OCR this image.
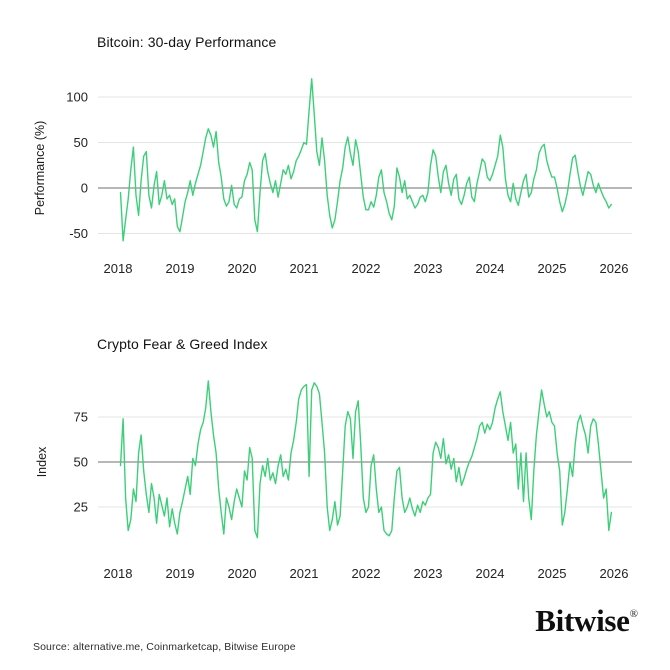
Bitcoin: 30-day Performance
Performance (%)
100
50
0
-50
2018	2019	2020	2021	2022	2023	2024	2025	2026
Crypto Fear & Greed Index
Index
75
50
25
2018	2019	2020	2021	2022	2023	2024	2025	2026
Source: alternative.me, Coinmarketcap, Bitwise Europe
Bitwise®
